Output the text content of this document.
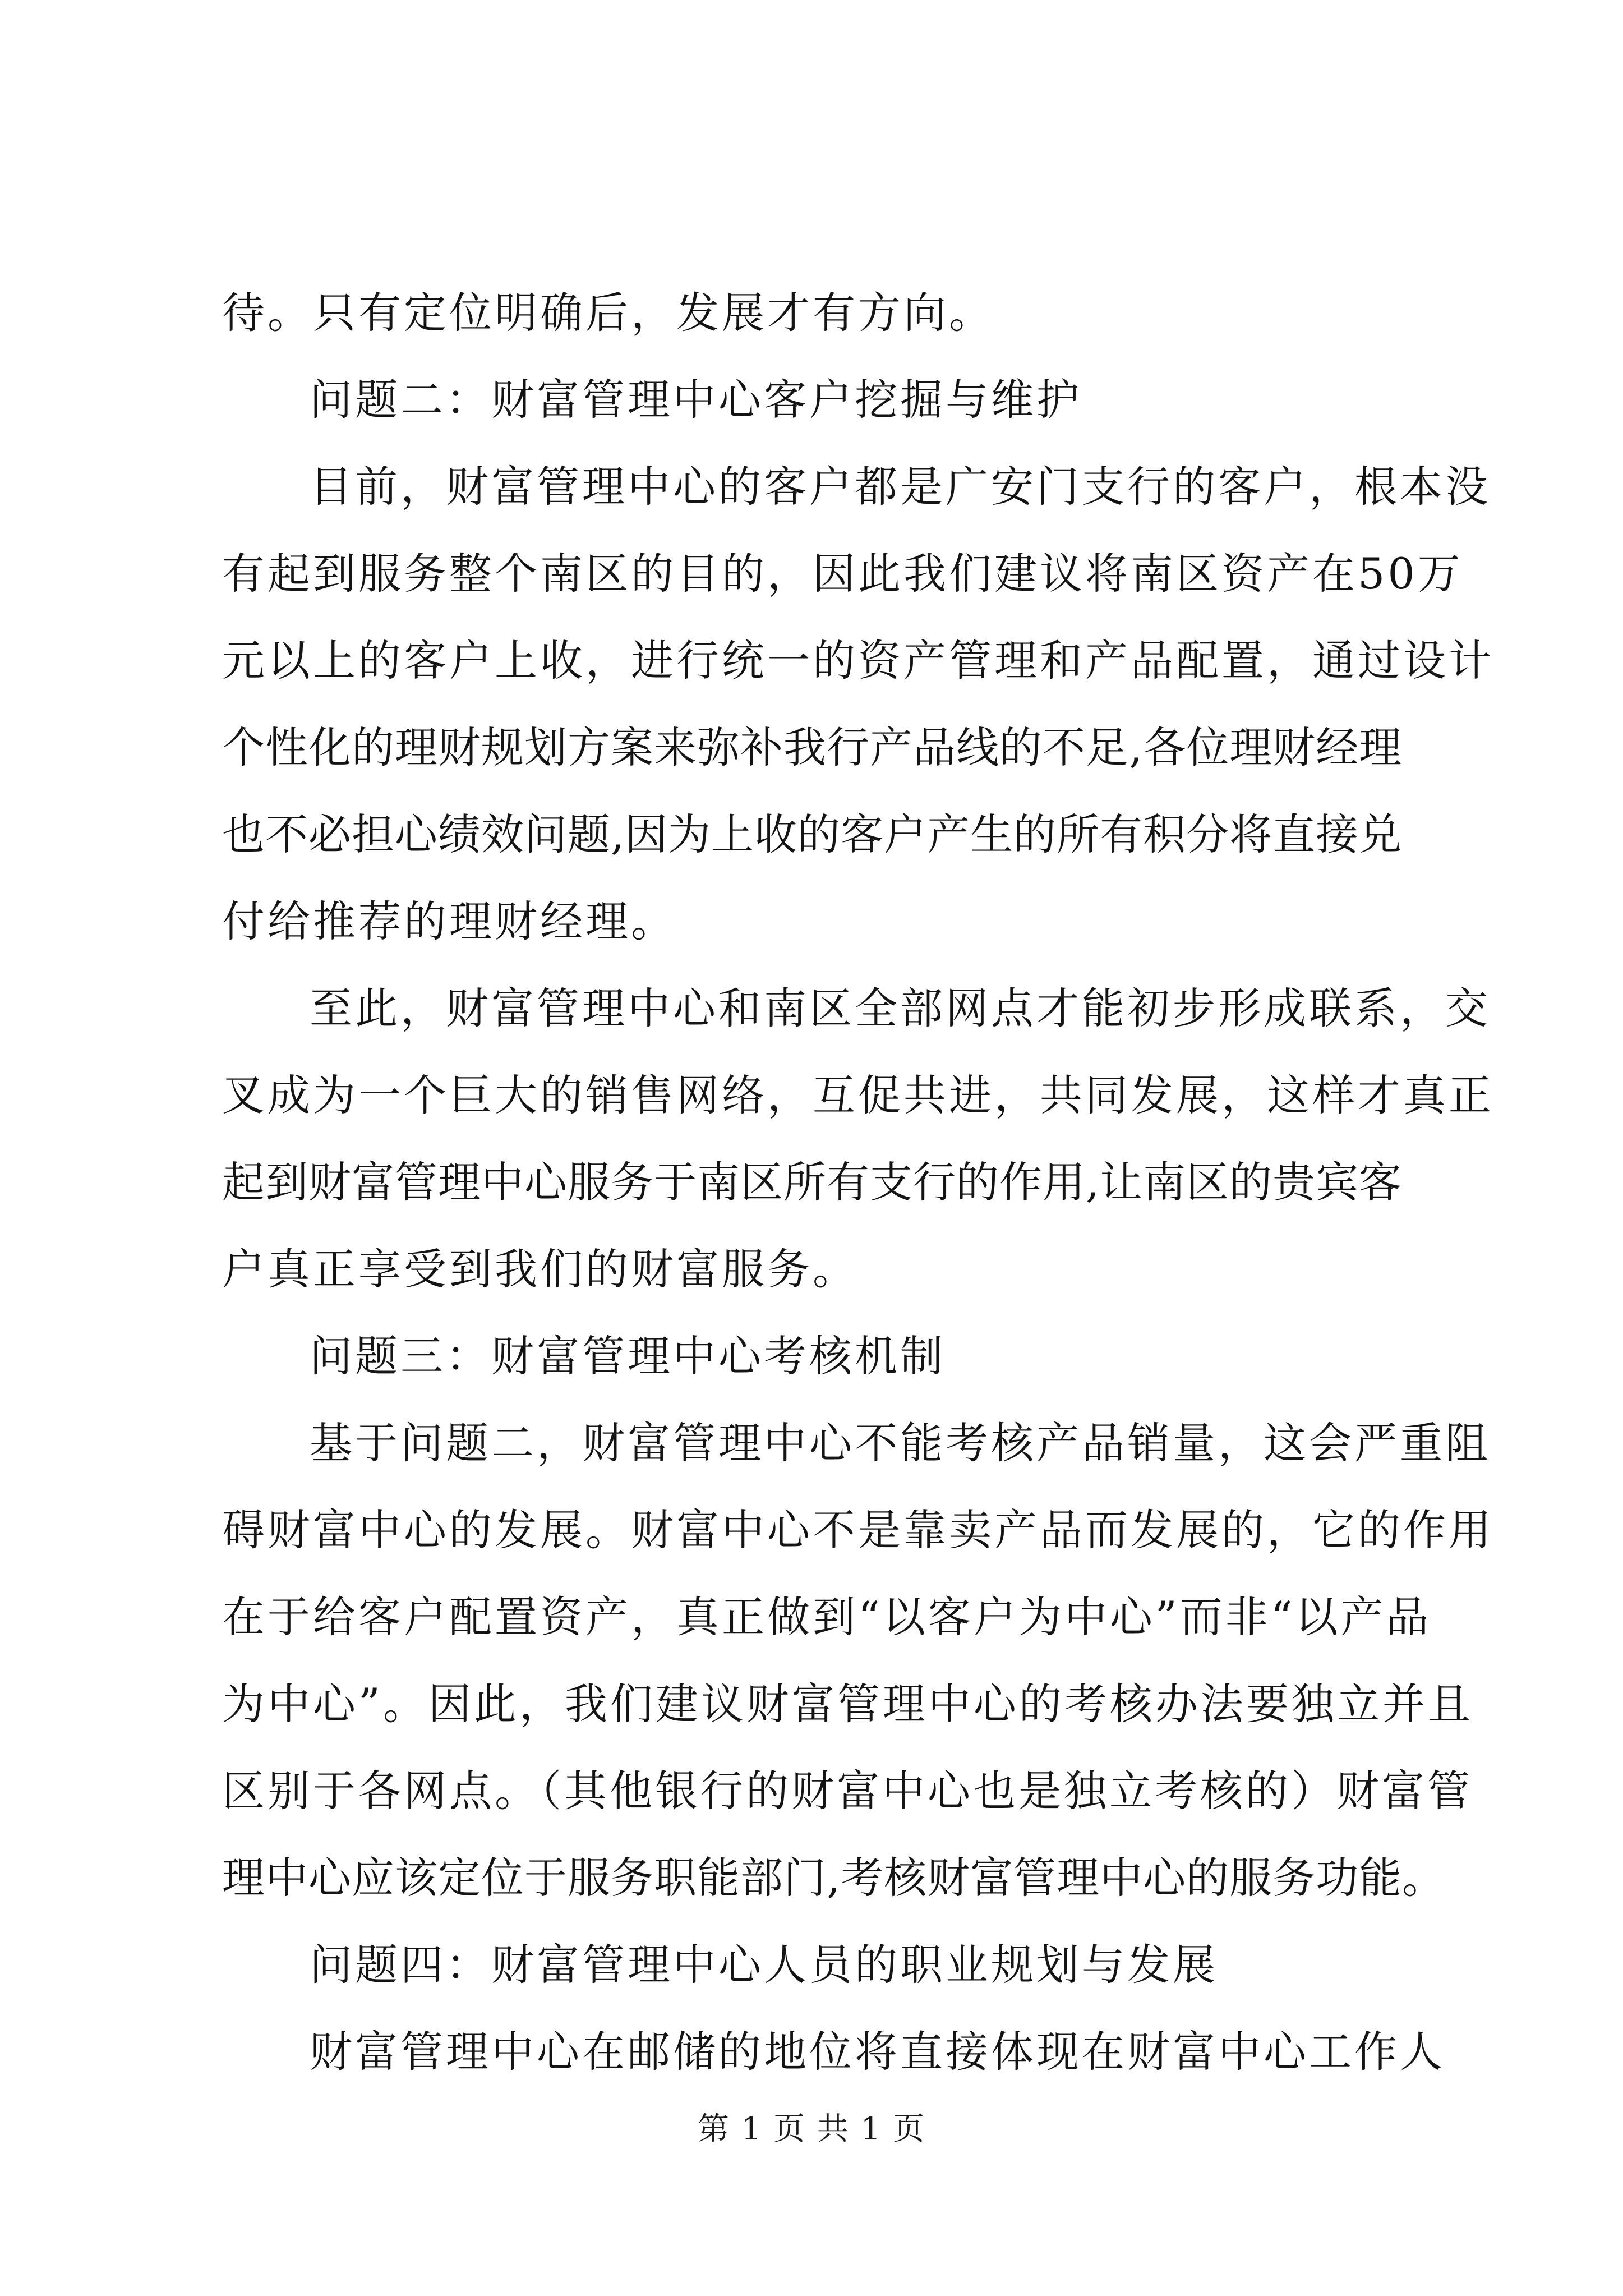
待。只有定位明确后，发展才有方向。
问题二：财富管理中心客户挖掘与维护
目前，财富管理中心的客户都是广安门支行的客户，根本没
有起到服务整个南区的目的，因此我们建议将南区资产在50万
元以上的客户上收，进行统一的资产管理和产品配置，通过设计
个性化的理财规划方案来弥补我行产品线的不足,各位理财经理
也不必担心绩效问题,因为上收的客户产生的所有积分将直接兑
付给推荐的理财经理。
至此，财富管理中心和南区全部网点才能初步形成联系，交
叉成为一个巨大的销售网络，互促共进，共同发展，这样才真正
起到财富管理中心服务于南区所有支行的作用,让南区的贵宾客
户真正享受到我们的财富服务。
问题三：财富管理中心考核机制
基于问题二，财富管理中心不能考核产品销量，这会严重阻
碍财富中心的发展。财富中心不是靠卖产品而发展的，它的作用
在于给客户配置资产，真正做到“以客户为中心”而非“以产品
为中心”。因此，我们建议财富管理中心的考核办法要独立并且
区别于各网点。（其他银行的财富中心也是独立考核的）财富管
理中心应该定位于服务职能部门,考核财富管理中心的服务功能。
问题四：财富管理中心人员的职业规划与发展
财富管理中心在邮储的地位将直接体现在财富中心工作人
第 1 页 共 1 页
